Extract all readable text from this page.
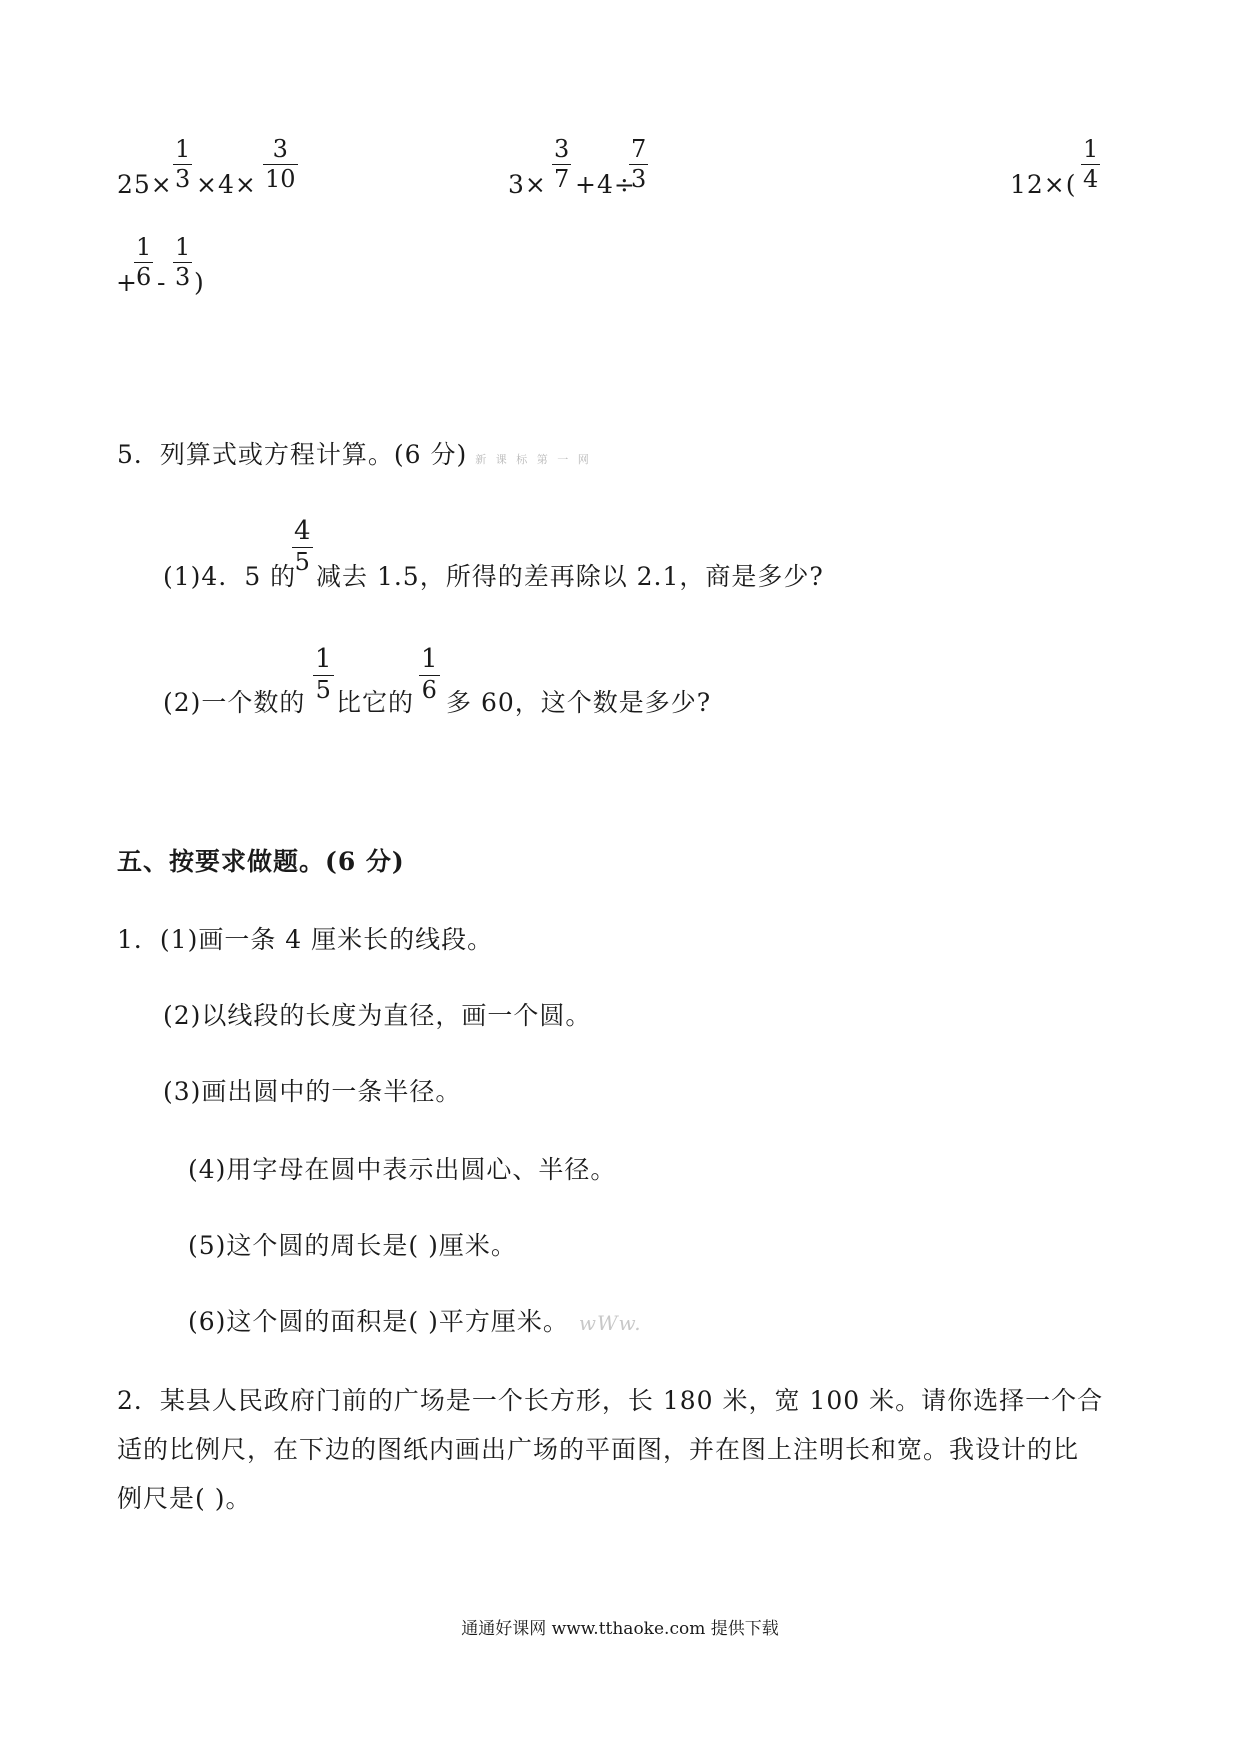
25×
1
3 ×4×
3
10	3×
3
7 +4÷
7
3	12×(
1
4
+
1
6 -
1
3 )
5．列算式或方程计算。(6 分) 新 课 标 第 一 网
(1)4．5 的
4
5 减去 1.5，所得的差再除以 2.1，商是多少?
(2)一个数的
1
5 比它的
1
6 多 60，这个数是多少?
五、按要求做题。(6 分)
1．(1)画一条 4 厘米长的线段。
(2)以线段的长度为直径，画一个圆。
(3)画出圆中的一条半径。
(4)用字母在圆中表示出圆心、半径。
(5)这个圆的周长是( )厘米。
(6)这个圆的面积是( )平方厘米。 wWw.
2．某县人民政府门前的广场是一个长方形，长 180 米，宽 100 米。请你选择一个合
适的比例尺，在下边的图纸内画出广场的平面图，并在图上注明长和宽。我设计的比
例尺是( )。
通通好课网 www.tthaoke.com 提供下载
